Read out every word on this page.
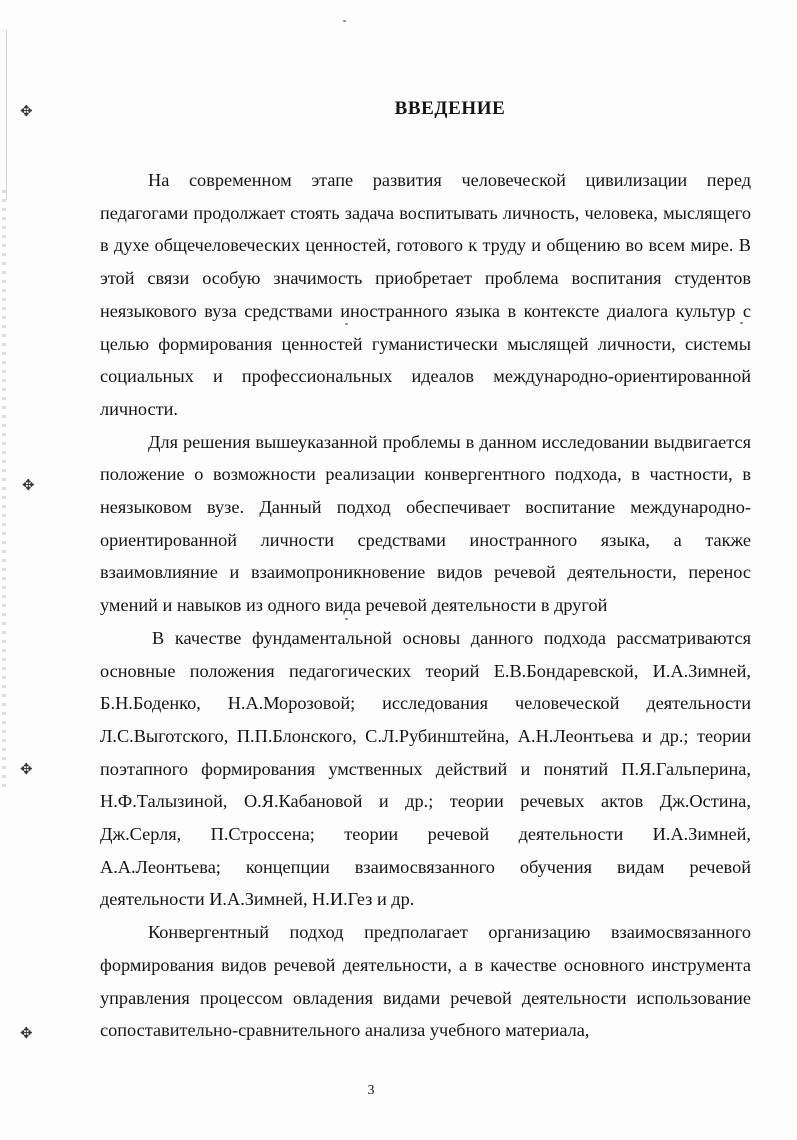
✥
✥
✥
✥
ВВЕДЕНИЕ

На современном этапе развития человеческой цивилизации перед педагогами продолжает стоять задача воспитывать личность, человека, мыслящего в духе общечеловеческих ценностей, готового к труду и общению во всем мире. В этой связи особую значимость приобретает проблема воспитания студентов неязыкового вуза средствами иностранного языка в контексте диалога культур с целью формирования ценностей гуманистически мыслящей личности, системы социальных и профессиональных идеалов международно-ориентированной личности.

Для решения вышеуказанной проблемы в данном исследовании выдвигается положение о возможности реализации конвергентного подхода, в частности, в неязыковом вузе. Данный подход обеспечивает воспитание международно-ориентированной личности средствами иностранного языка, а также взаимовлияние и взаимопроникновение видов речевой деятельности, перенос умений и навыков из одного вида речевой деятельности в другой

В качестве фундаментальной основы данного подхода рассматриваются основные положения педагогических теорий Е.В.Бондаревской, И.А.Зимней, Б.Н.Боденко, Н.А.Морозовой; исследования человеческой деятельности Л.С.Выготского, П.П.Блонского, С.Л.Рубинштейна, А.Н.Леонтьева и др.; теории поэтапного формирования умственных действий и понятий П.Я.Гальперина, Н.Ф.Талызиной, О.Я.Кабановой и др.; теории речевых актов Дж.Остина, Дж.Серля, П.Строссена; теории речевой деятельности И.А.Зимней, А.А.Леонтьева; концепции взаимосвязанного обучения видам речевой деятельности И.А.Зимней, Н.И.Гез и др.

Конвергентный подход предполагает организацию взаимосвязанного формирования видов речевой деятельности, а в качестве основного инструмента управления процессом овладения видами речевой деятельности использование сопоставительно-сравнительного анализа учебного материала,

3
